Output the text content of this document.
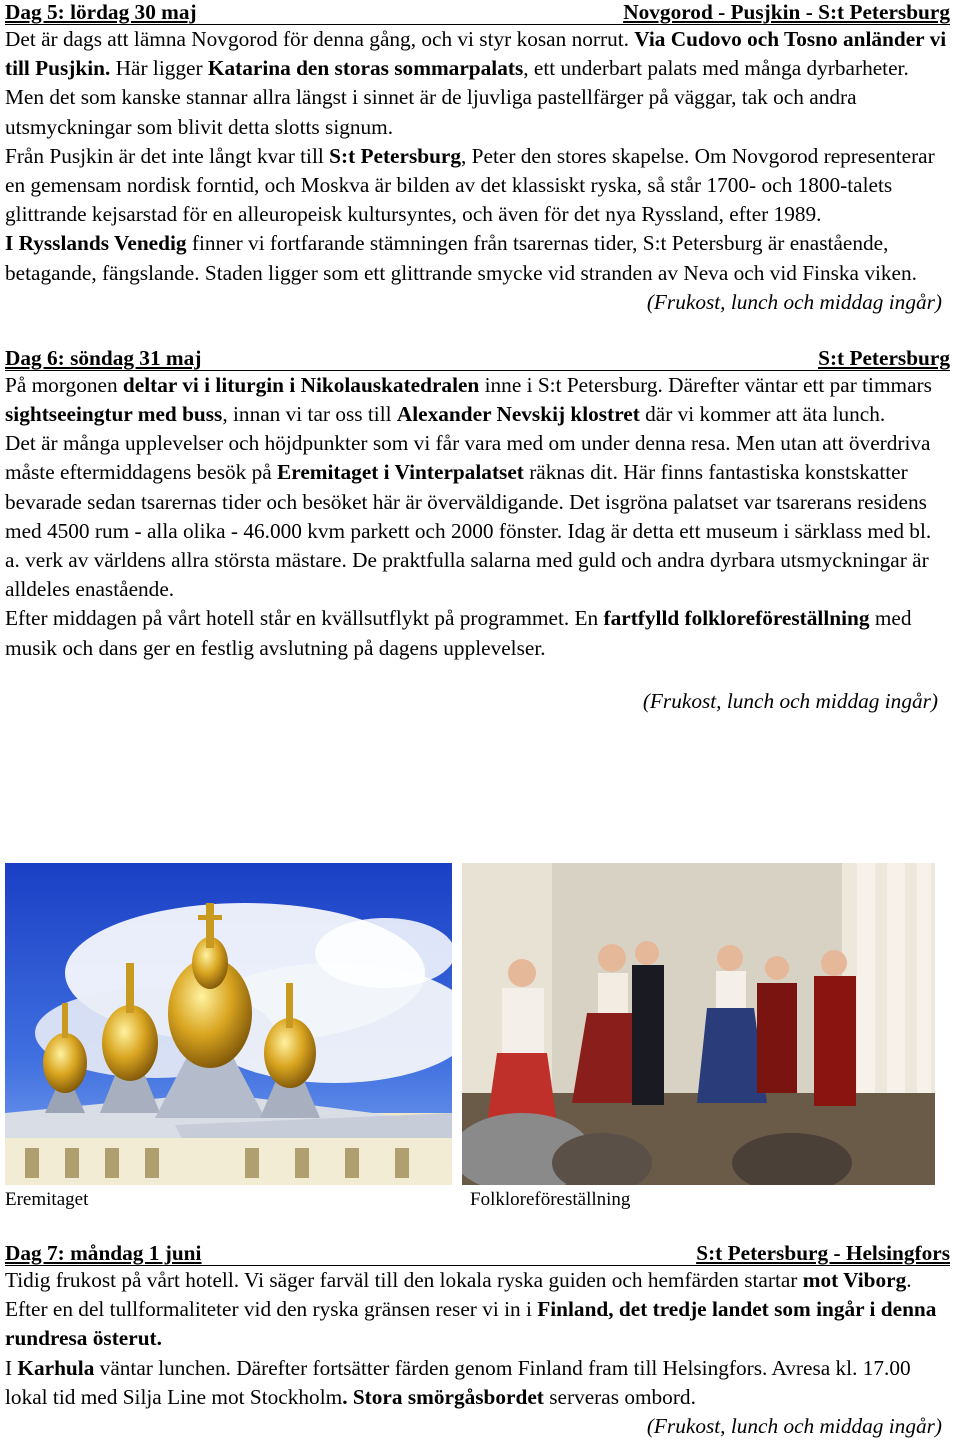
Dag 5: lördag 30 maj	Novgorod - Pusjkin - S:t Petersburg

Det är dags att lämna Novgorod för denna gång, och vi styr kosan norrut. Via Cudovo och Tosno anländer vi till Pusjkin. Här ligger Katarina den storas sommarpalats, ett underbart palats med många dyrbarheter. Men det som kanske stannar allra längst i sinnet är de ljuvliga pastellfärger på väggar, tak och andra utsmyckningar som blivit detta slotts signum.

Från Pusjkin är det inte långt kvar till S:t Petersburg, Peter den stores skapelse. Om Novgorod representerar en gemensam nordisk forntid, och Moskva är bilden av det klassiskt ryska, så står 1700- och 1800-talets glittrande kejsarstad för en alleuropeisk kultursyntes, och även för det nya Ryssland, efter 1989.

I Rysslands Venedig finner vi fortfarande stämningen från tsarernas tider, S:t Petersburg är enastående, betagande, fängslande. Staden ligger som ett glittrande smycke vid stranden av Neva och vid Finska viken.
(Frukost, lunch och middag ingår)

Dag 6: söndag 31 maj	S:t Petersburg

På morgonen deltar vi i liturgin i Nikolauskatedralen inne i S:t Petersburg. Därefter väntar ett par timmars sightseeingtur med buss, innan vi tar oss till Alexander Nevskij klostret där vi kommer att äta lunch.

Det är många upplevelser och höjdpunkter som vi får vara med om under denna resa. Men utan att överdriva måste eftermiddagens besök på Eremitaget i Vinterpalatset räknas dit. Här finns fantastiska konstskatter bevarade sedan tsarernas tider och besöket här är överväldigande. Det isgröna palatset var tsarerans residens med 4500 rum - alla olika - 46.000 kvm parkett och 2000 fönster. Idag är detta ett museum i särklass med bl. a. verk av världens allra största mästare. De praktfulla salarna med guld och andra dyrbara utsmyckningar är alldeles enastående.

Efter middagen på vårt hotell står en kvällsutflykt på programmet. En fartfylld folkloreföreställning med musik och dans ger en festlig avslutning på dagens upplevelser.

(Frukost, lunch och middag ingår)
Eremitaget	Folkloreföreställning
Dag 7: måndag 1 juni	S:t Petersburg - Helsingfors

Tidig frukost på vårt hotell. Vi säger farväl till den lokala ryska guiden och hemfärden startar mot Viborg. Efter en del tullformaliteter vid den ryska gränsen reser vi in i Finland, det tredje landet som ingår i denna rundresa österut.

I Karhula väntar lunchen. Därefter fortsätter färden genom Finland fram till Helsingfors. Avresa kl. 17.00 lokal tid med Silja Line mot Stockholm. Stora smörgåsbordet serveras ombord.
(Frukost, lunch och middag ingår)
